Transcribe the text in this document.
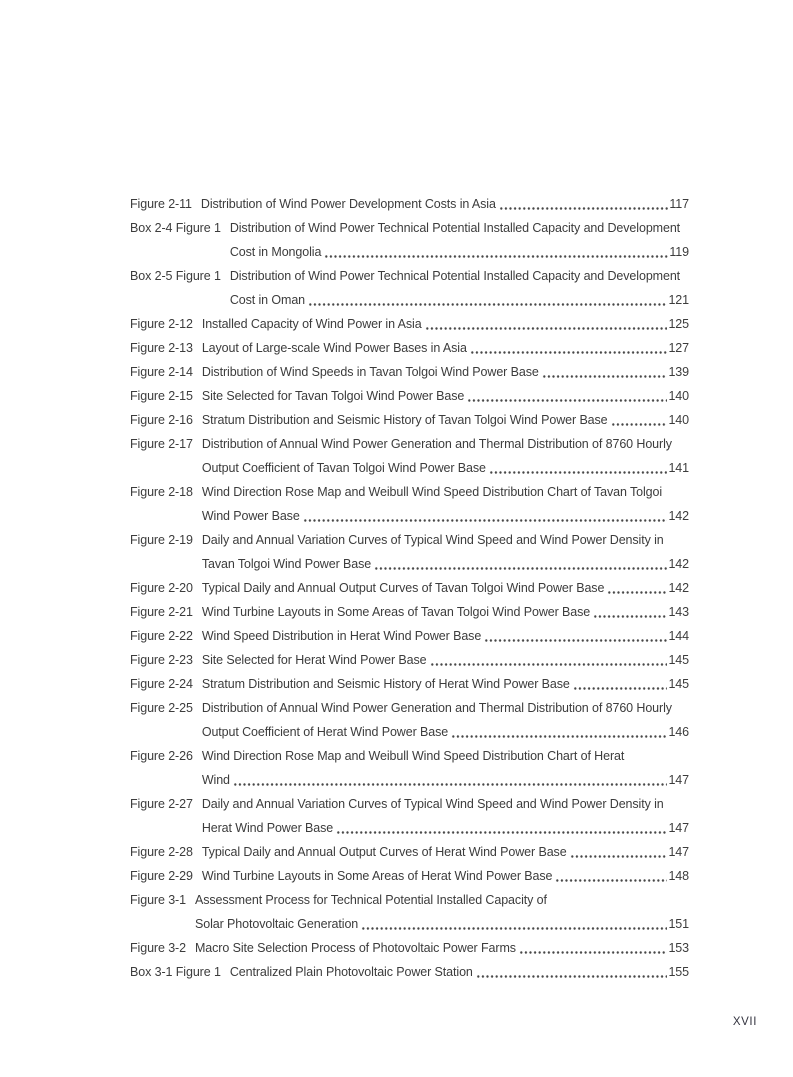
Figure 2-11 Distribution of Wind Power Development Costs in Asia	117
Box 2-4 Figure 1 Distribution of Wind Power Technical Potential Installed Capacity and Development
Cost in Mongolia	119
Box 2-5 Figure 1 Distribution of Wind Power Technical Potential Installed Capacity and Development
Cost in Oman	121
Figure 2-12 Installed Capacity of Wind Power in Asia	125
Figure 2-13 Layout of Large-scale Wind Power Bases in Asia	127
Figure 2-14 Distribution of Wind Speeds in Tavan Tolgoi Wind Power Base	139
Figure 2-15 Site Selected for Tavan Tolgoi Wind Power Base	140
Figure 2-16 Stratum Distribution and Seismic History of Tavan Tolgoi Wind Power Base	140
Figure 2-17 Distribution of Annual Wind Power Generation and Thermal Distribution of 8760 Hourly
Output Coefficient of Tavan Tolgoi Wind Power Base	141
Figure 2-18 Wind Direction Rose Map and Weibull Wind Speed Distribution Chart of Tavan Tolgoi
Wind Power Base	142
Figure 2-19 Daily and Annual Variation Curves of Typical Wind Speed and Wind Power Density in
Tavan Tolgoi Wind Power Base	142
Figure 2-20 Typical Daily and Annual Output Curves of Tavan Tolgoi Wind Power Base	142
Figure 2-21 Wind Turbine Layouts in Some Areas of Tavan Tolgoi Wind Power Base	143
Figure 2-22 Wind Speed Distribution in Herat Wind Power Base	144
Figure 2-23 Site Selected for Herat Wind Power Base	145
Figure 2-24 Stratum Distribution and Seismic History of Herat Wind Power Base	145
Figure 2-25 Distribution of Annual Wind Power Generation and Thermal Distribution of 8760 Hourly
Output Coefficient of Herat Wind Power Base	146
Figure 2-26 Wind Direction Rose Map and Weibull Wind Speed Distribution Chart of Herat
Wind	147
Figure 2-27 Daily and Annual Variation Curves of Typical Wind Speed and Wind Power Density in
Herat Wind Power Base	147
Figure 2-28 Typical Daily and Annual Output Curves of Herat Wind Power Base	147
Figure 2-29 Wind Turbine Layouts in Some Areas of Herat Wind Power Base	148
Figure 3-1 Assessment Process for Technical Potential Installed Capacity of
Solar Photovoltaic Generation	151
Figure 3-2 Macro Site Selection Process of Photovoltaic Power Farms	153
Box 3-1 Figure 1 Centralized Plain Photovoltaic Power Station	155
XVII
